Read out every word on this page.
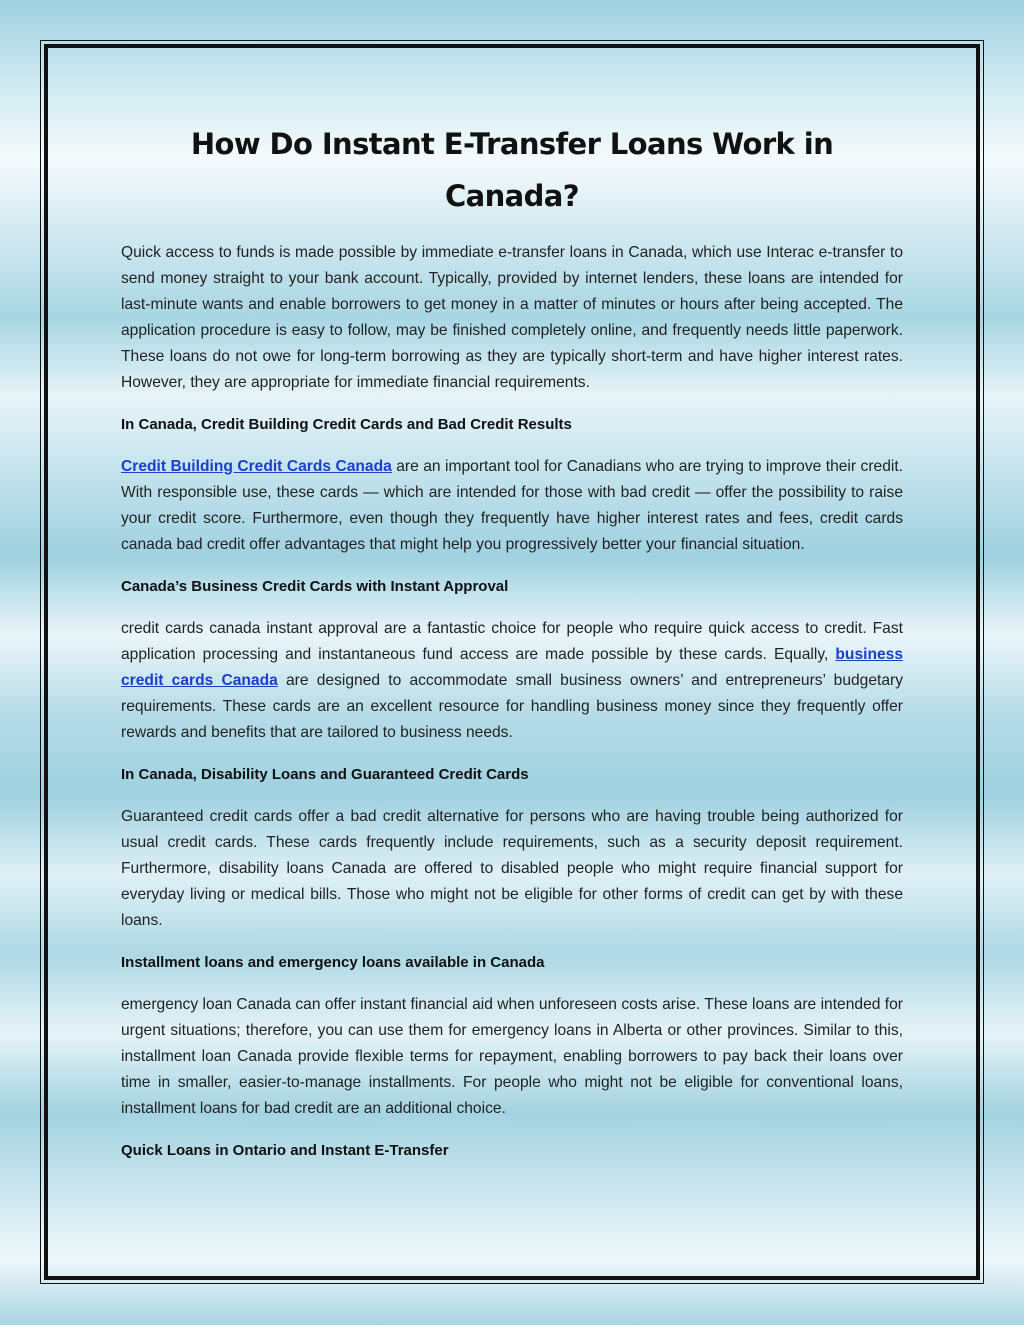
How Do Instant E-Transfer Loans Work in Canada?

Quick access to funds is made possible by immediate e-transfer loans in Canada, which use Interac e-transfer to send money straight to your bank account. Typically, provided by internet lenders, these loans are intended for last-minute wants and enable borrowers to get money in a matter of minutes or hours after being accepted. The application procedure is easy to follow, may be finished completely online, and frequently needs little paperwork. These loans do not owe for long-term borrowing as they are typically short-term and have higher interest rates. However, they are appropriate for immediate financial requirements.

In Canada, Credit Building Credit Cards and Bad Credit Results

Credit Building Credit Cards Canada are an important tool for Canadians who are trying to improve their credit. With responsible use, these cards — which are intended for those with bad credit — offer the possibility to raise your credit score. Furthermore, even though they frequently have higher interest rates and fees, credit cards canada bad credit offer advantages that might help you progressively better your financial situation.

Canada’s Business Credit Cards with Instant Approval

credit cards canada instant approval are a fantastic choice for people who require quick access to credit. Fast application processing and instantaneous fund access are made possible by these cards. Equally, business credit cards Canada are designed to accommodate small business owners’ and entrepreneurs’ budgetary requirements. These cards are an excellent resource for handling business money since they frequently offer rewards and benefits that are tailored to business needs.

In Canada, Disability Loans and Guaranteed Credit Cards

Guaranteed credit cards offer a bad credit alternative for persons who are having trouble being authorized for usual credit cards. These cards frequently include requirements, such as a security deposit requirement. Furthermore, disability loans Canada are offered to disabled people who might require financial support for everyday living or medical bills. Those who might not be eligible for other forms of credit can get by with these loans.

Installment loans and emergency loans available in Canada

emergency loan Canada can offer instant financial aid when unforeseen costs arise. These loans are intended for urgent situations; therefore, you can use them for emergency loans in Alberta or other provinces. Similar to this, installment loan Canada provide flexible terms for repayment, enabling borrowers to pay back their loans over time in smaller, easier-to-manage installments. For people who might not be eligible for conventional loans, installment loans for bad credit are an additional choice.

Quick Loans in Ontario and Instant E-Transfer
